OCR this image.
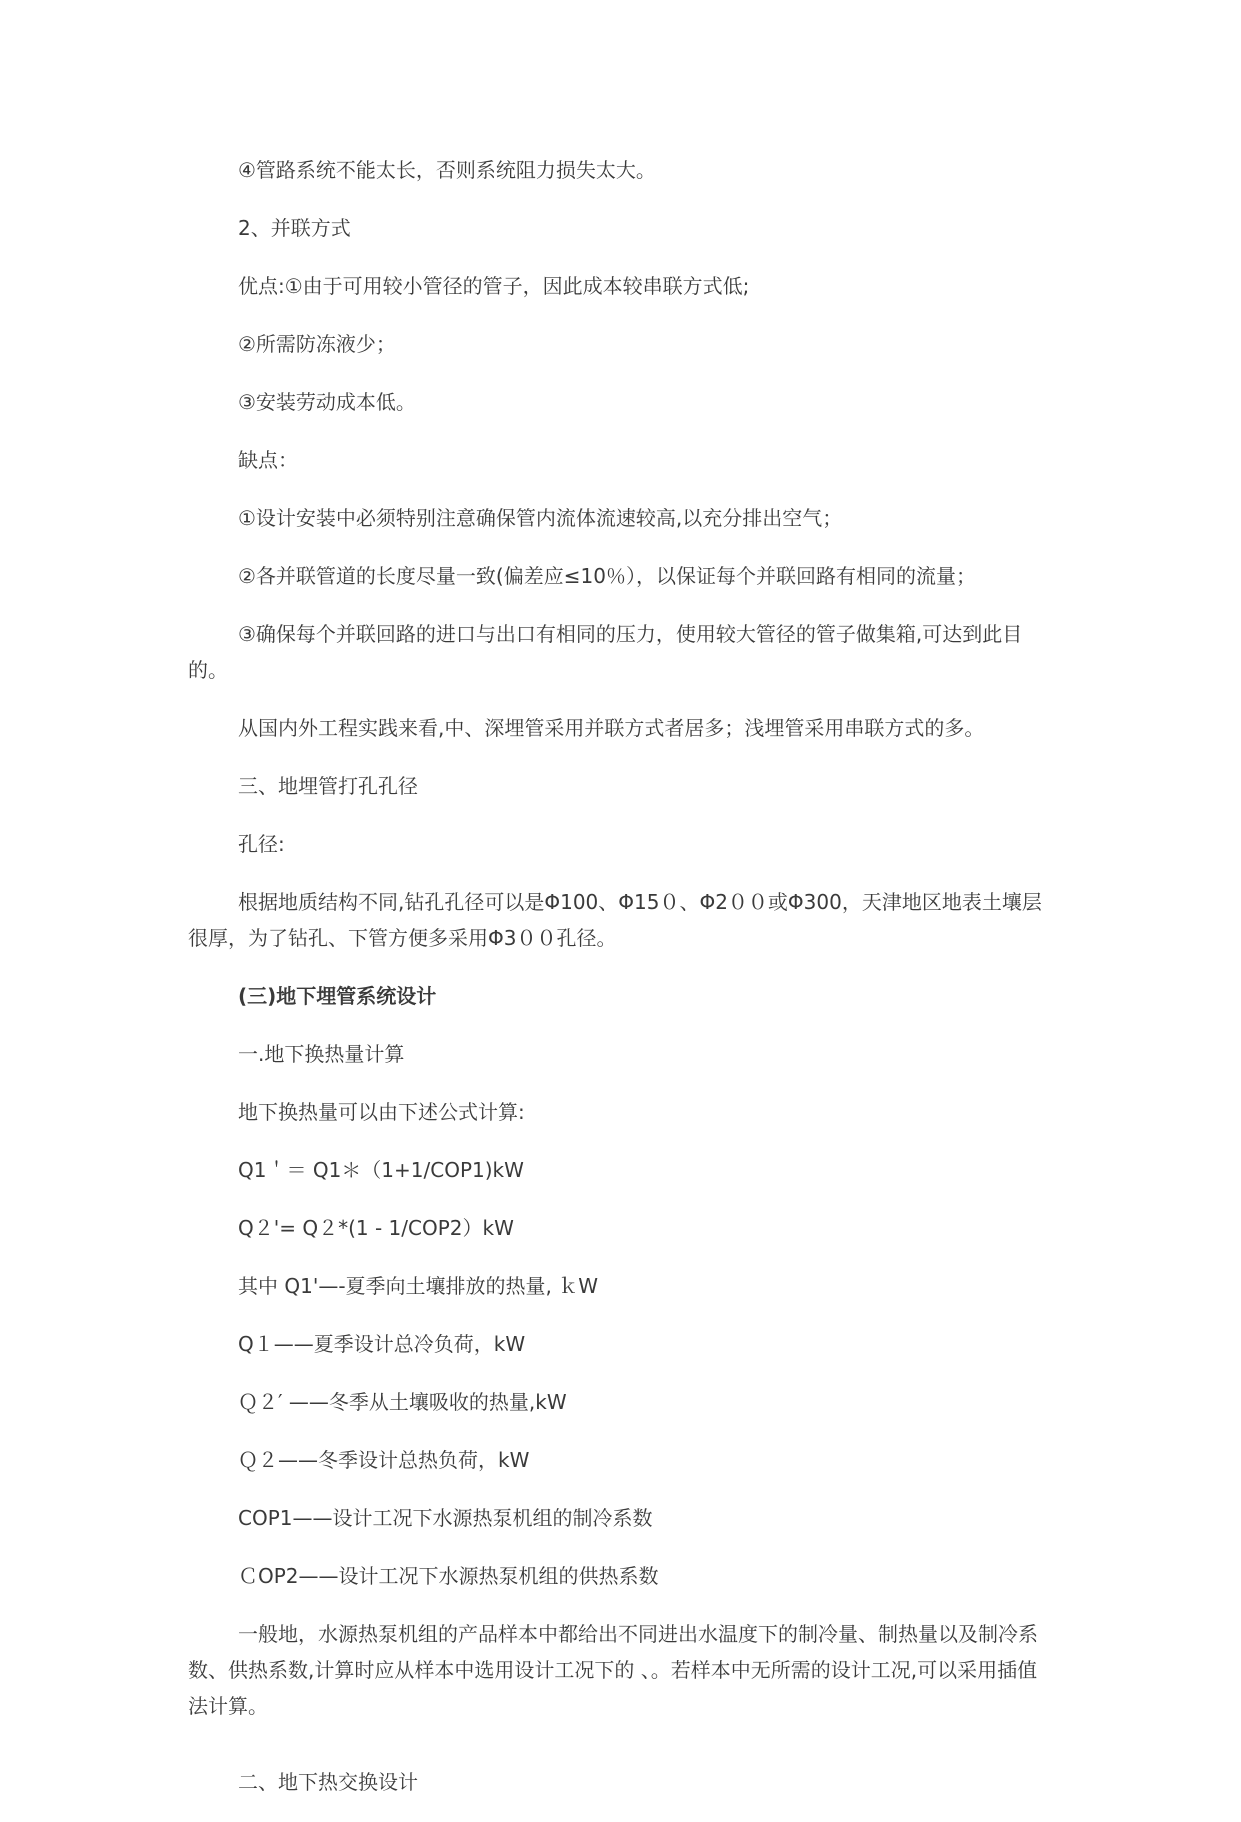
④管路系统不能太长，否则系统阻力损失太大。

2、并联方式

优点:①由于可用较小管径的管子，因此成本较串联方式低;

②所需防冻液少；

③安装劳动成本低。

缺点：

①设计安装中必须特别注意确保管内流体流速较高,以充分排出空气；

②各并联管道的长度尽量一致(偏差应≤10％），以保证每个并联回路有相同的流量；

③确保每个并联回路的进口与出口有相同的压力，使用较大管径的管子做集箱,可达到此目的。

从国内外工程实践来看,中、深埋管采用并联方式者居多；浅埋管采用串联方式的多。

三、地埋管打孔孔径

孔径:

根据地质结构不同,钻孔孔径可以是Φ100、Φ15０、Φ2００或Φ300，天津地区地表土壤层很厚，为了钻孔、下管方便多采用Φ3００孔径。

(三)地下埋管系统设计

一.地下换热量计算

地下换热量可以由下述公式计算:

Q1＇＝ Q1＊（1+1/COP1)kW

Q２'= Q２*(1 - 1/COP2）kW

其中 Q1'—-夏季向土壤排放的热量, ｋW

Q１——夏季设计总冷负荷，kW

Ｑ２′ ——冬季从土壤吸收的热量,kW

Ｑ２——冬季设计总热负荷，kW

COP1——设计工况下水源热泵机组的制冷系数

ＣOP2——设计工况下水源热泵机组的供热系数

一般地，水源热泵机组的产品样本中都给出不同进出水温度下的制冷量、制热量以及制冷系数、供热系数,计算时应从样本中选用设计工况下的 、。若样本中无所需的设计工况,可以采用插值法计算。

二、地下热交换设计
